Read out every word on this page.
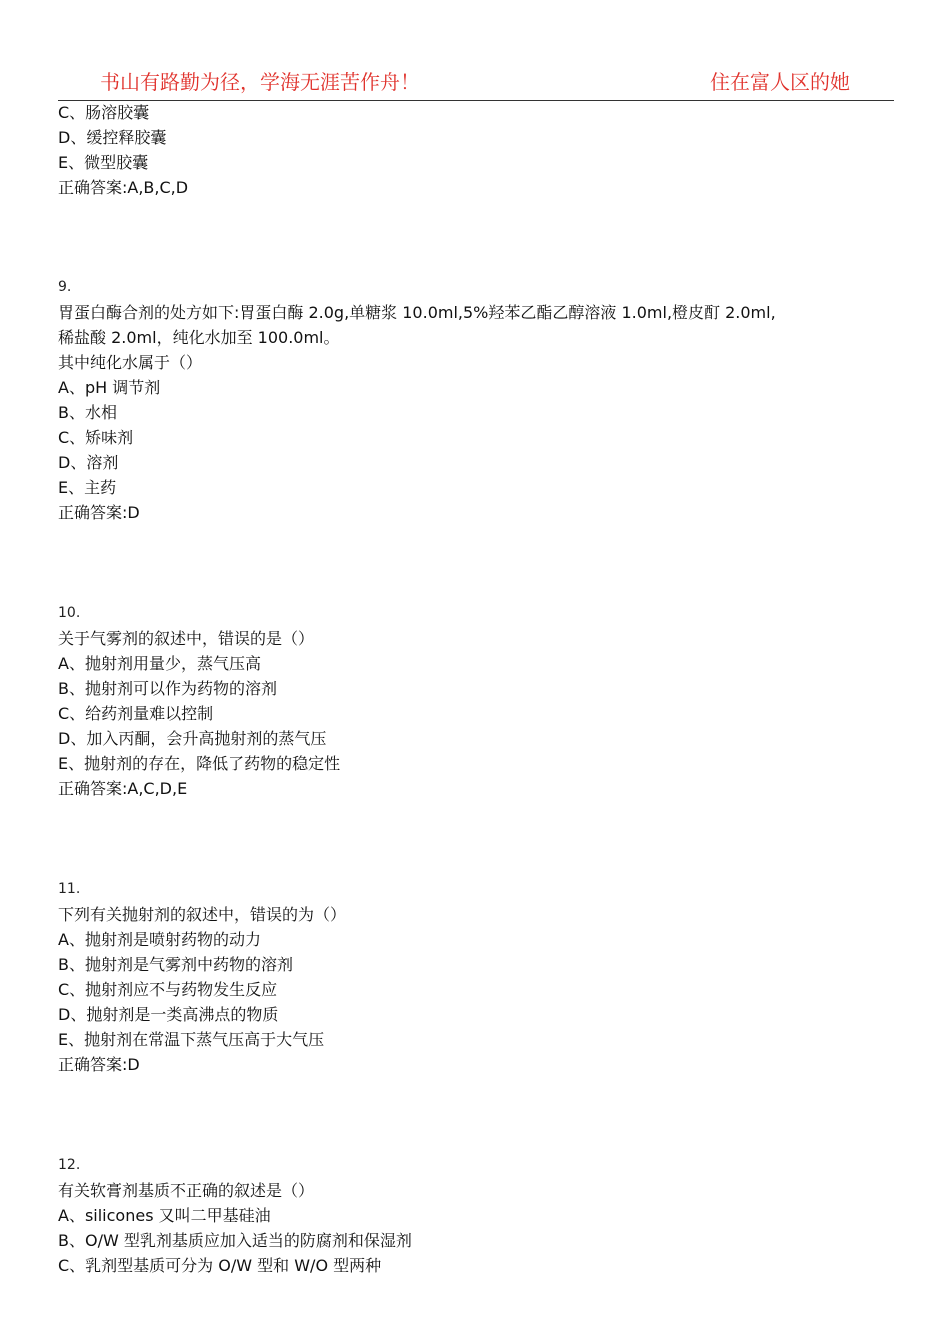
书山有路勤为径，学海无涯苦作舟！	住在富人区的她
C、肠溶胶囊
D、缓控释胶囊
E、微型胶囊
正确答案:A,B,C,D
9.
胃蛋白酶合剂的处方如下:胃蛋白酶 2.0g,单糖浆 10.0ml,5%羟苯乙酯乙醇溶液 1.0ml,橙皮酊 2.0ml,
稀盐酸 2.0ml，纯化水加至 100.0ml。
其中纯化水属于（）
A、pH 调节剂
B、水相
C、矫味剂
D、溶剂
E、主药
正确答案:D
10.
关于气雾剂的叙述中，错误的是（）
A、抛射剂用量少，蒸气压高
B、抛射剂可以作为药物的溶剂
C、给药剂量难以控制
D、加入丙酮，会升高抛射剂的蒸气压
E、抛射剂的存在，降低了药物的稳定性
正确答案:A,C,D,E
11.
下列有关抛射剂的叙述中，错误的为（）
A、抛射剂是喷射药物的动力
B、抛射剂是气雾剂中药物的溶剂
C、抛射剂应不与药物发生反应
D、抛射剂是一类高沸点的物质
E、抛射剂在常温下蒸气压高于大气压
正确答案:D
12.
有关软膏剂基质不正确的叙述是（）
A、silicones 又叫二甲基硅油
B、O/W 型乳剂基质应加入适当的防腐剂和保湿剂
C、乳剂型基质可分为 O/W 型和 W/O 型两种
